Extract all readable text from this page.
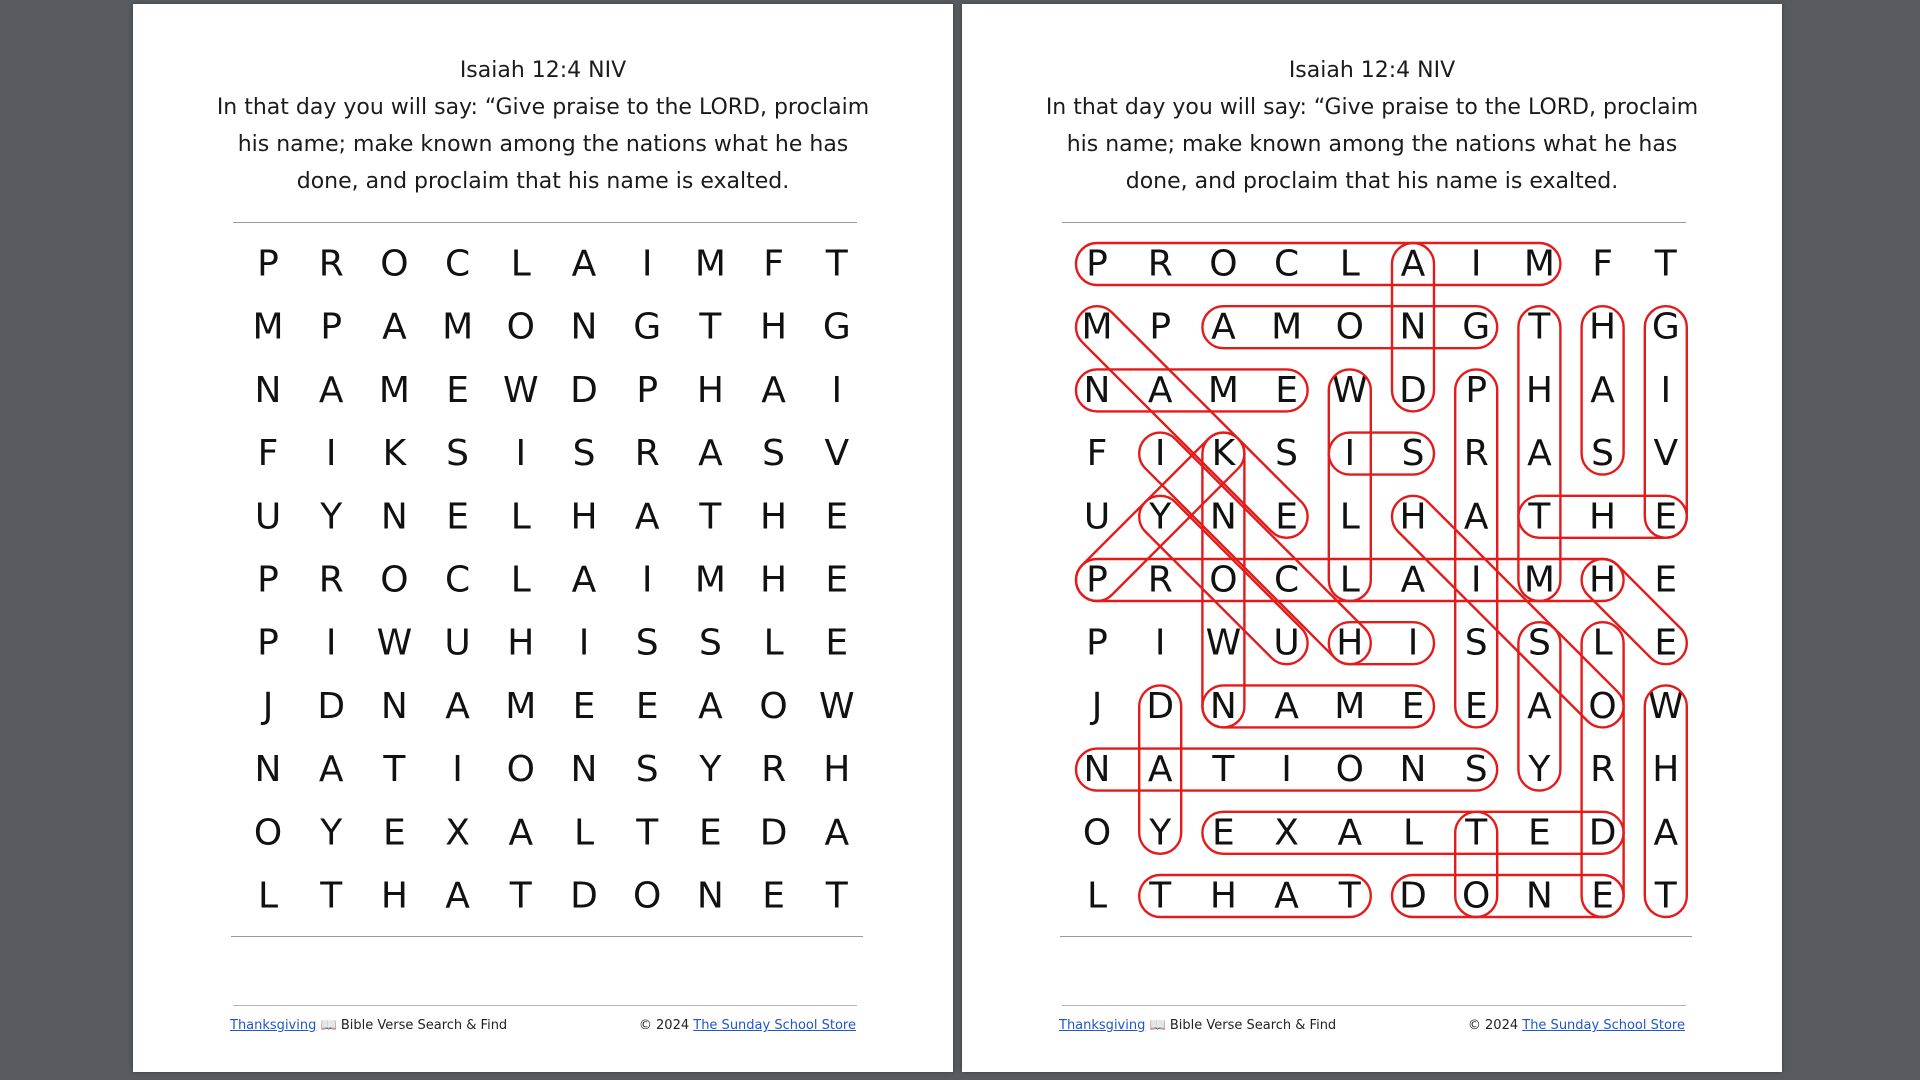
Isaiah 12:4 NIV
In that day you will say: “Give praise to the LORD, proclaim his name; make known among the nations what he has done, and proclaim that his name is exalted.
P R O C L A I M F T
M P A M O N G T H G
N A M E W D P H A I
F I K S I S R A S V
U Y N E L H A T H E
P R O C L A I M H E
P I W U H I S S L E
J D N A M E E A O W
N A T I O N S Y R H
O Y E X A L T E D A
L T H A T D O N E T
Thanksgiving 📖 Bible Verse Search & Find	© 2024 The Sunday School Store
Isaiah 12:4 NIV
In that day you will say: “Give praise to the LORD, proclaim his name; make known among the nations what he has done, and proclaim that his name is exalted.
P R O C L A I M F T
M P A M O N G T H G
N A M E W D P H A I
F I K S I S R A S V
U Y N E L H A T H E
P R O C L A I M H E
P I W U H I S S L E
J D N A M E E A O W
N A T I O N S Y R H
O Y E X A L T E D A
L T H A T D O N E T
Thanksgiving 📖 Bible Verse Search & Find	© 2024 The Sunday School Store
